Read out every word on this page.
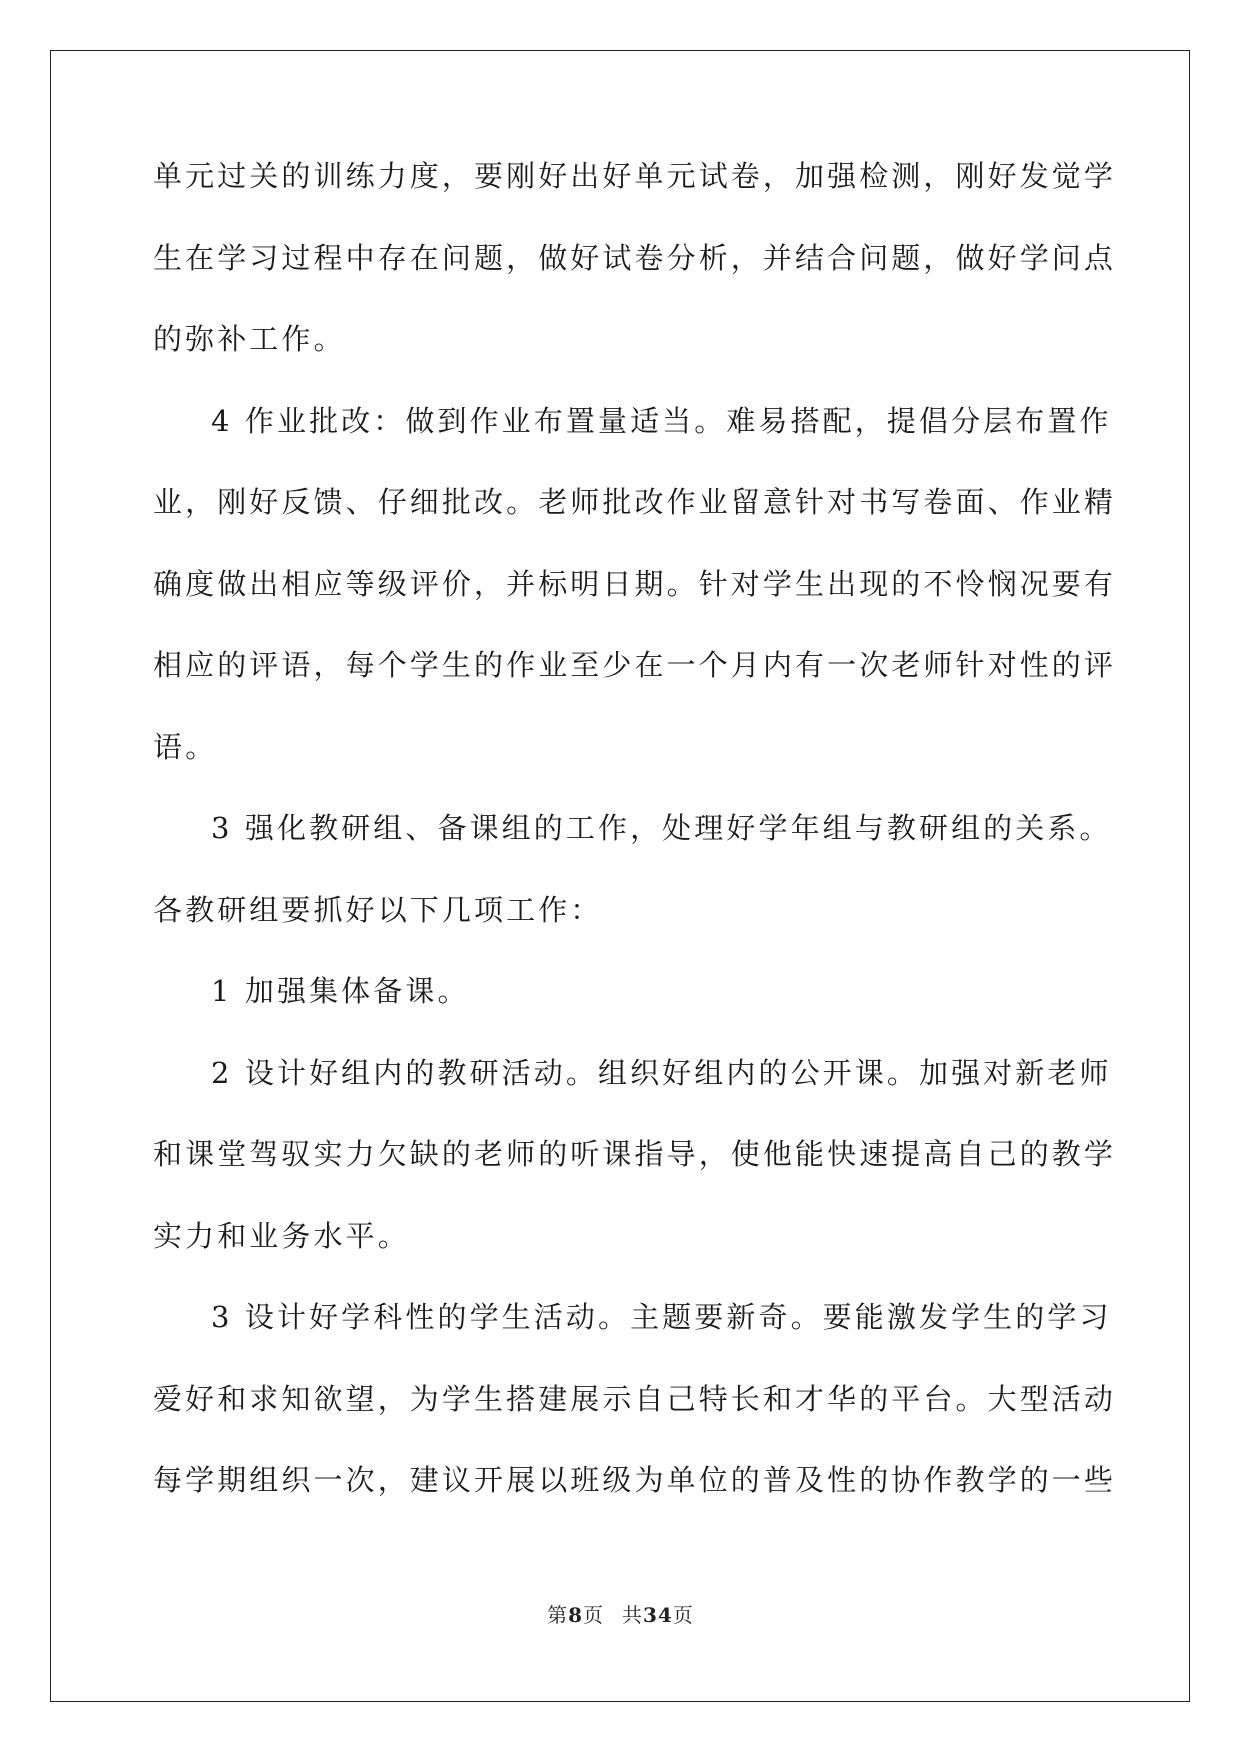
单元过关的训练力度，要刚好出好单元试卷，加强检测，刚好发觉学
生在学习过程中存在问题，做好试卷分析，并结合问题，做好学问点
的弥补工作。
4 作业批改：做到作业布置量适当。难易搭配，提倡分层布置作
业，刚好反馈、仔细批改。老师批改作业留意针对书写卷面、作业精
确度做出相应等级评价，并标明日期。针对学生出现的不怜悯况要有
相应的评语，每个学生的作业至少在一个月内有一次老师针对性的评
语。
3 强化教研组、备课组的工作，处理好学年组与教研组的关系。
各教研组要抓好以下几项工作：
1 加强集体备课。
2 设计好组内的教研活动。组织好组内的公开课。加强对新老师
和课堂驾驭实力欠缺的老师的听课指导，使他能快速提高自己的教学
实力和业务水平。
3 设计好学科性的学生活动。主题要新奇。要能激发学生的学习
爱好和求知欲望，为学生搭建展示自己特长和才华的平台。大型活动
每学期组织一次，建议开展以班级为单位的普及性的协作教学的一些
第8页 共34页
